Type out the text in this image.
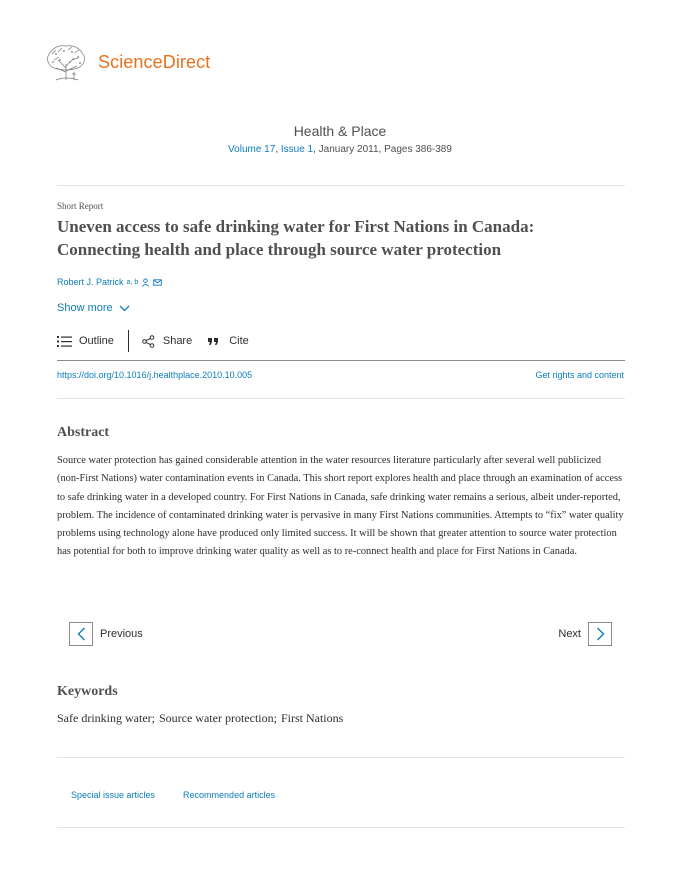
ScienceDirect
Health & Place
Volume 17, Issue 1, January 2011, Pages 386-389
Short Report
Uneven access to safe drinking water for First Nations in Canada: Connecting health and place through source water protection
Robert J. Patrick a, b
Show more
Outline	Share	Cite
https://doi.org/10.1016/j.healthplace.2010.10.005	Get rights and content
Abstract

Source water protection has gained considerable attention in the water resources literature particularly after several well publicized (non-First Nations) water contamination events in Canada. This short report explores health and place through an examination of access to safe drinking water in a developed country. For First Nations in Canada, safe drinking water remains a serious, albeit under-reported, problem. The incidence of contaminated drinking water is pervasive in many First Nations communities. Attempts to “fix” water quality problems using technology alone have produced only limited success. It will be shown that greater attention to source water protection has potential for both to improve drinking water quality as well as to re-connect health and place for First Nations in Canada.

Previous	Next
Keywords
Safe drinking water ; Source water protection ; First Nations
Special issue articles	Recommended articles
